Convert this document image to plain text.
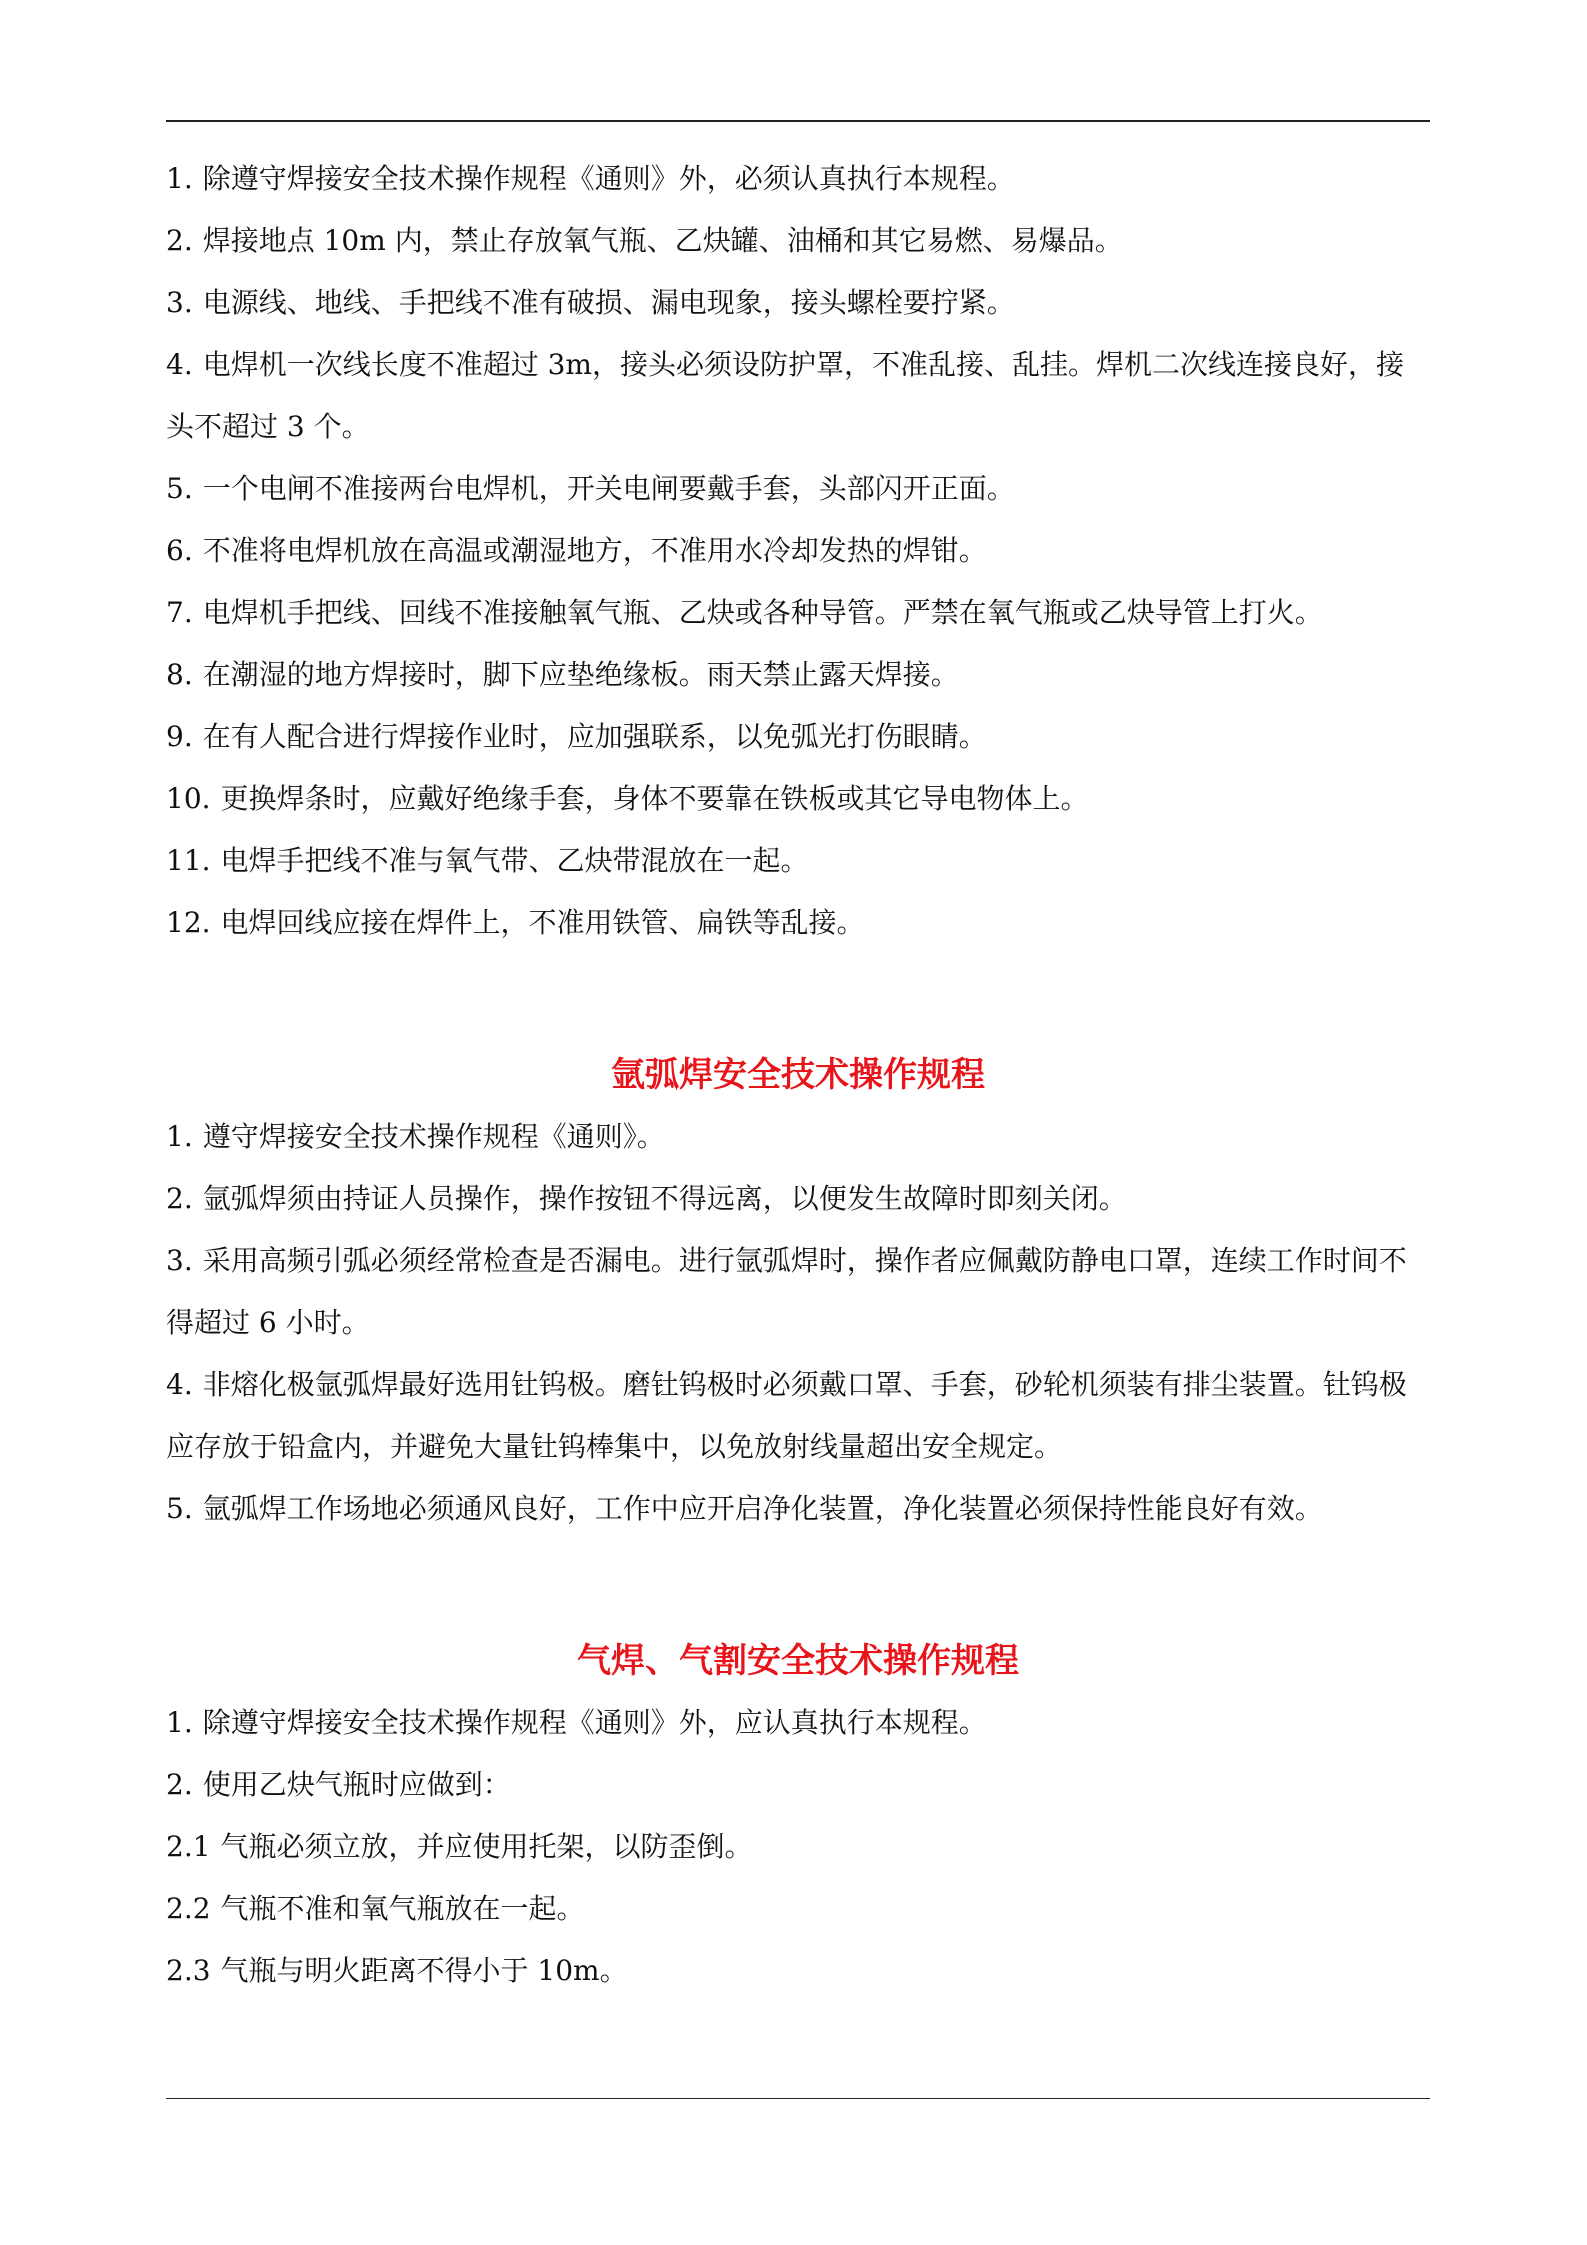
1. 除遵守焊接安全技术操作规程《通则》外，必须认真执行本规程。

2. 焊接地点 10m 内，禁止存放氧气瓶、乙炔罐、油桶和其它易燃、易爆品。

3. 电源线、地线、手把线不准有破损、漏电现象，接头螺栓要拧紧。

4. 电焊机一次线长度不准超过 3m，接头必须设防护罩，不准乱接、乱挂。焊机二次线连接良好，接头不超过 3 个。

5. 一个电闸不准接两台电焊机，开关电闸要戴手套，头部闪开正面。

6. 不准将电焊机放在高温或潮湿地方，不准用水冷却发热的焊钳。

7. 电焊机手把线、回线不准接触氧气瓶、乙炔或各种导管。严禁在氧气瓶或乙炔导管上打火。

8. 在潮湿的地方焊接时，脚下应垫绝缘板。雨天禁止露天焊接。

9. 在有人配合进行焊接作业时，应加强联系，以免弧光打伤眼睛。

10. 更换焊条时，应戴好绝缘手套，身体不要靠在铁板或其它导电物体上。

11. 电焊手把线不准与氧气带、乙炔带混放在一起。

12. 电焊回线应接在焊件上，不准用铁管、扁铁等乱接。

氩弧焊安全技术操作规程

1. 遵守焊接安全技术操作规程《通则》。

2. 氩弧焊须由持证人员操作，操作按钮不得远离，以便发生故障时即刻关闭。

3. 采用高频引弧必须经常检查是否漏电。进行氩弧焊时，操作者应佩戴防静电口罩，连续工作时间不得超过 6 小时。

4. 非熔化极氩弧焊最好选用钍钨极。磨钍钨极时必须戴口罩、手套，砂轮机须装有排尘装置。钍钨极应存放于铅盒内，并避免大量钍钨棒集中，以免放射线量超出安全规定。

5. 氩弧焊工作场地必须通风良好，工作中应开启净化装置，净化装置必须保持性能良好有效。

气焊、气割安全技术操作规程

1. 除遵守焊接安全技术操作规程《通则》外，应认真执行本规程。

2. 使用乙炔气瓶时应做到：

2.1 气瓶必须立放，并应使用托架，以防歪倒。

2.2 气瓶不准和氧气瓶放在一起。

2.3 气瓶与明火距离不得小于 10m。
